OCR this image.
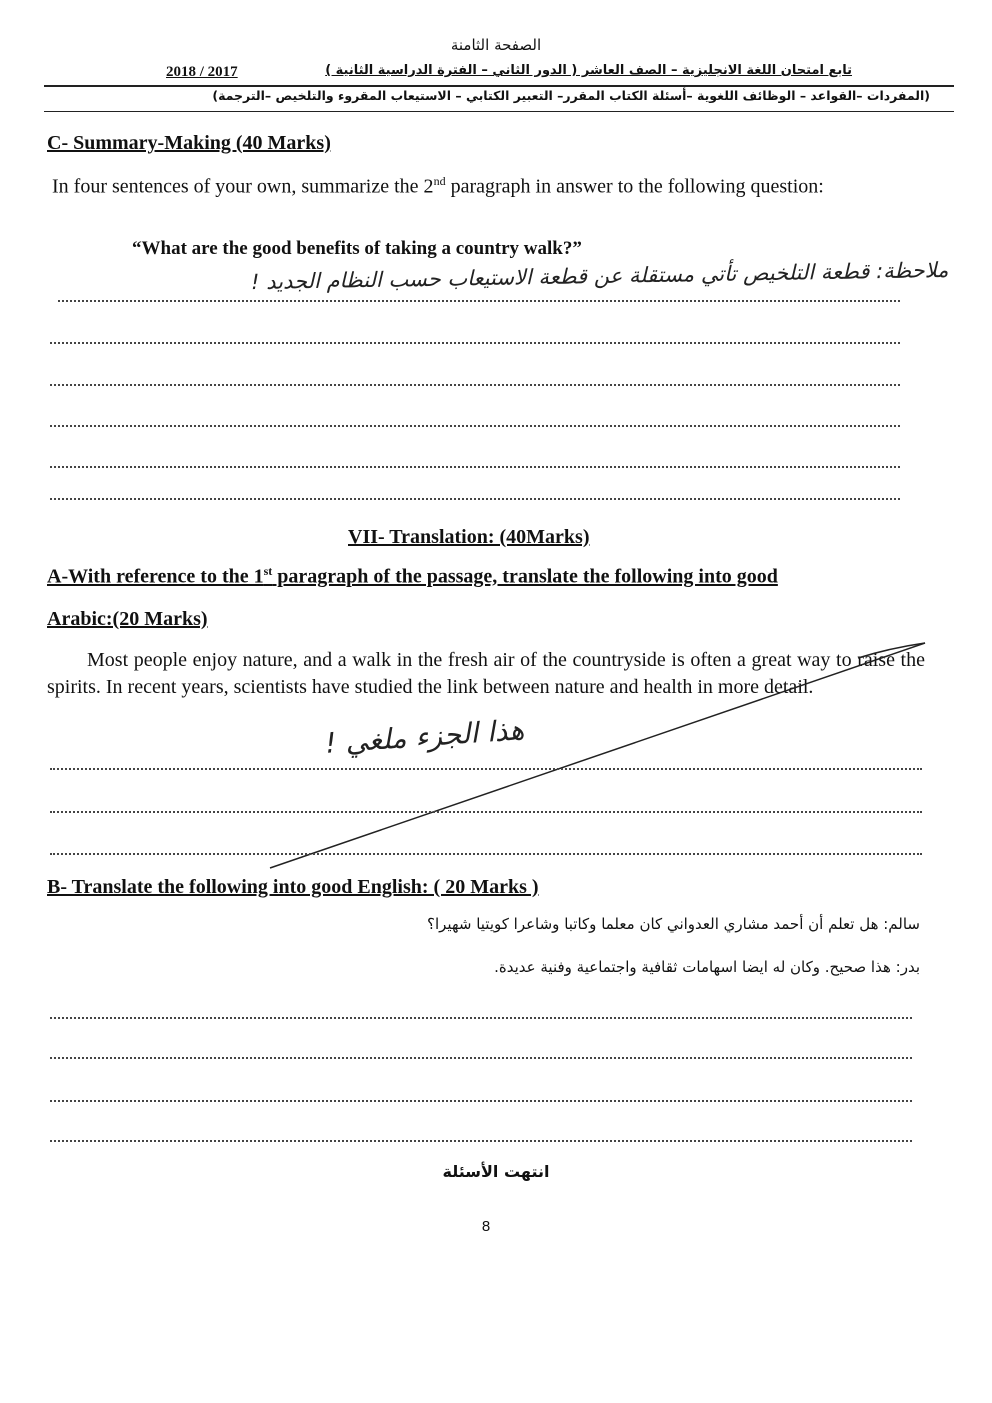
الصفحة الثامنة
تابع امتحان اللغة الانجليزية – الصف العاشر ( الدور الثاني – الفترة الدراسية الثانية )
2018 / 2017
(المفردات –القواعد – الوظائف اللغوية –أسئلة الكتاب المقرر– التعبير الكتابي – الاستيعاب المقروء والتلخيص –الترجمة)
C- Summary-Making (40 Marks)
In four sentences of your own, summarize the 2nd paragraph in answer to the following question:
“What are the good benefits of taking a country walk?”
ملاحظة: قطعة التلخيص تأتي مستقلة عن قطعة الاستيعاب حسب النظام الجديد !
VII- Translation: (40Marks)
A-With reference to the 1st paragraph of the passage, translate the following into good
Arabic:(20 Marks)
Most people enjoy nature, and a walk in the fresh air of the countryside is often a great way to raise the spirits. In recent years, scientists have studied the link between nature and health in more detail.
هذا الجزء ملغي !
B- Translate the following into good English: ( 20 Marks )
سالم: هل تعلم أن أحمد مشاري العدواني كان معلما وكاتبا وشاعرا كويتيا شهيرا؟
بدر: هذا صحيح. وكان له ايضا اسهامات ثقافية واجتماعية وفنية عديدة.
انتهت الأسئلة
8
